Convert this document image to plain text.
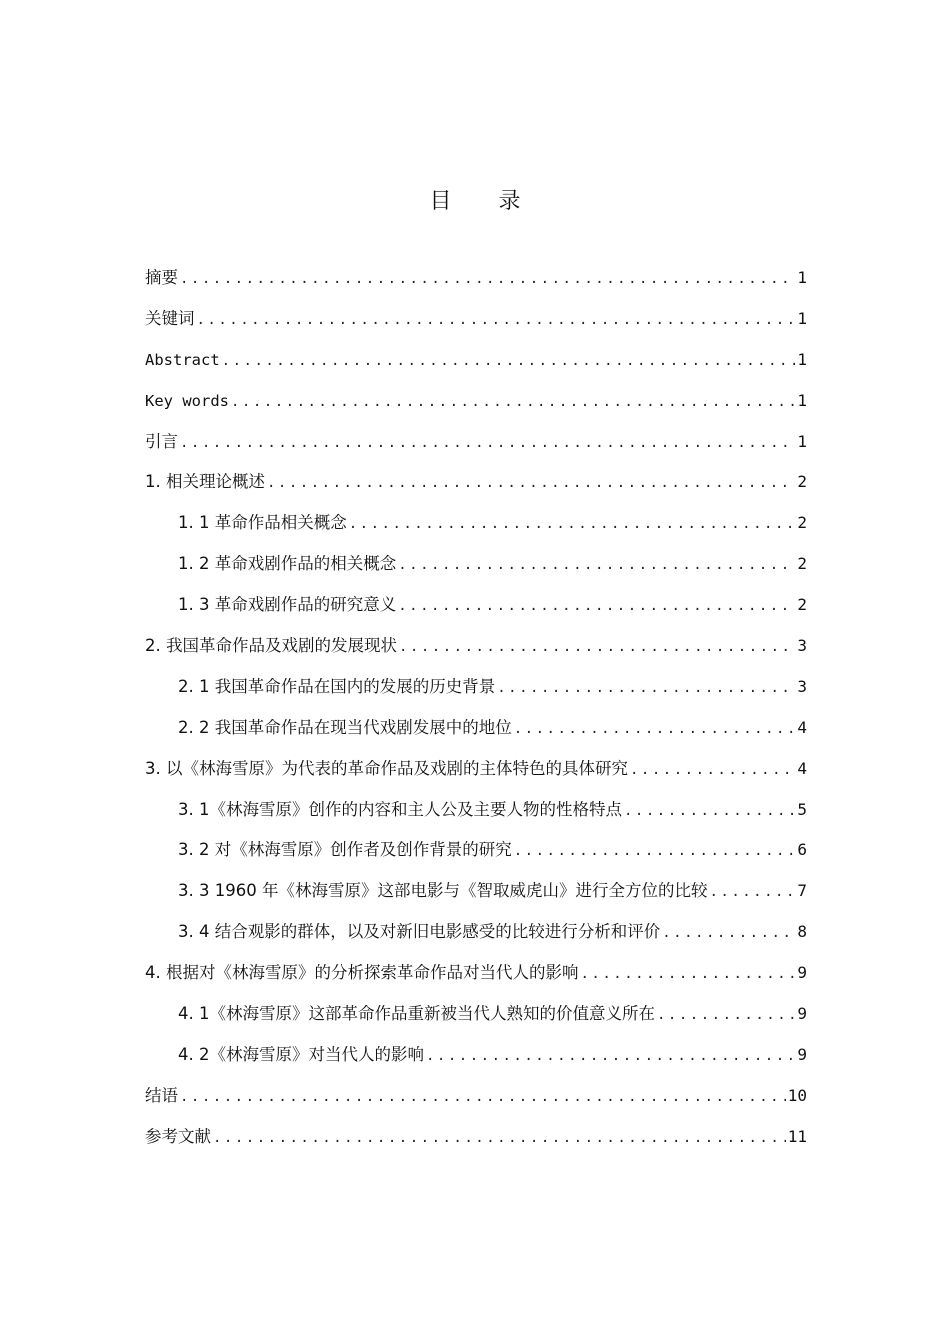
目 录
摘要 .....	1
关键词 .....	1
Abstract .....	1
Key words .....	1
引言 .....	1
1. 相关理论概述 .....	2
1. 1 革命作品相关概念 .....	2
1. 2 革命戏剧作品的相关概念 .....	2
1. 3 革命戏剧作品的研究意义 .....	2
2. 我国革命作品及戏剧的发展现状 .....	3
2. 1 我国革命作品在国内的发展的历史背景 .....	3
2. 2 我国革命作品在现当代戏剧发展中的地位 .....	4
3. 以《林海雪原》为代表的革命作品及戏剧的主体特色的具体研究 .....	4
3. 1《林海雪原》创作的内容和主人公及主要人物的性格特点 .....	5
3. 2 对《林海雪原》创作者及创作背景的研究 .....	6
3. 3 1960 年《林海雪原》这部电影与《智取威虎山》进行全方位的比较 .....	7
3. 4 结合观影的群体，以及对新旧电影感受的比较进行分析和评价 .....	8
4. 根据对《林海雪原》的分析探索革命作品对当代人的影响 .....	9
4. 1《林海雪原》这部革命作品重新被当代人熟知的价值意义所在 .....	9
4. 2《林海雪原》对当代人的影响 .....	9
结语 .....	10
参考文献 .....	11
